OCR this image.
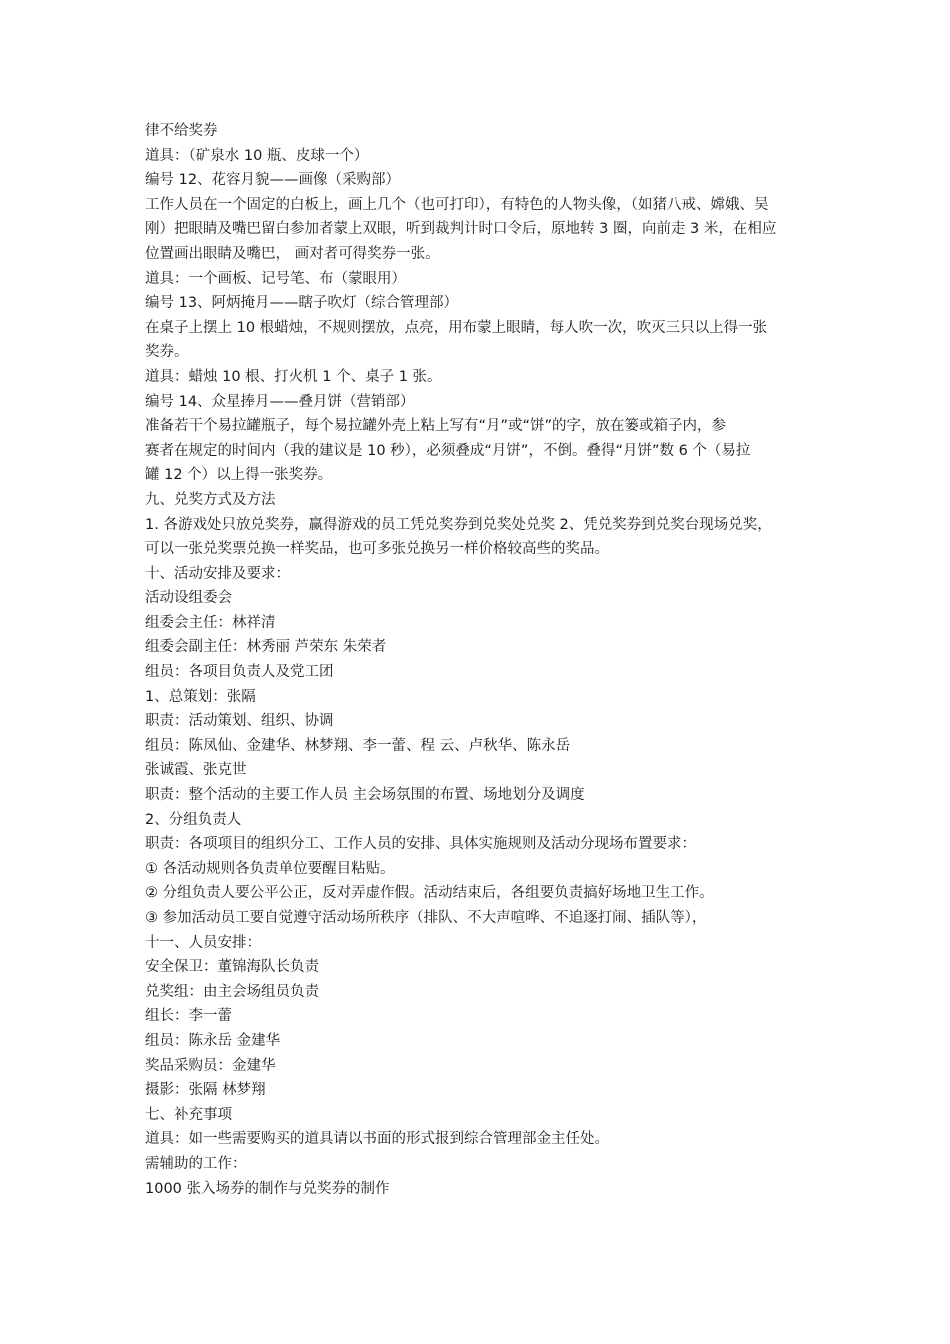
律不给奖券
道具：（矿泉水 10 瓶、皮球一个）
编号 12、花容月貌——画像（采购部）
工作人员在一个固定的白板上，画上几个（也可打印），有特色的人物头像，（如猪八戒、嫦娥、吴
刚）把眼睛及嘴巴留白参加者蒙上双眼，听到裁判计时口令后，原地转 3 圈，向前走 3 米，在相应
位置画出眼睛及嘴巴， 画对者可得奖券一张。
道具：一个画板、记号笔、布（蒙眼用）
编号 13、阿炳掩月——瞎子吹灯（综合管理部）
在桌子上摆上 10 根蜡烛，不规则摆放，点亮，用布蒙上眼睛，每人吹一次，吹灭三只以上得一张
奖券。
道具：蜡烛 10 根、打火机 1 个、桌子 1 张。
编号 14、众星捧月——叠月饼（营销部）
准备若干个易拉罐瓶子，每个易拉罐外壳上粘上写有“月”或“饼”的字，放在篓或箱子内，参
赛者在规定的时间内（我的建议是 10 秒），必须叠成“月饼”，不倒。叠得“月饼”数 6 个（易拉
罐 12 个）以上得一张奖券。
九、兑奖方式及方法
1. 各游戏处只放兑奖券，赢得游戏的员工凭兑奖券到兑奖处兑奖 2、凭兑奖券到兑奖台现场兑奖，
可以一张兑奖票兑换一样奖品，也可多张兑换另一样价格较高些的奖品。
十、活动安排及要求：
活动设组委会
组委会主任：林祥清
组委会副主任：林秀丽 芦荣东 朱荣者
组员：各项目负责人及党工团
1、总策划：张隔
职责：活动策划、组织、协调
组员：陈凤仙、金建华、林梦翔、李一蕾、程 云、卢秋华、陈永岳
张诚霞、张克世
职责：整个活动的主要工作人员 主会场氛围的布置、场地划分及调度
2、分组负责人
职责：各项项目的组织分工、工作人员的安排、具体实施规则及活动分现场布置要求：
① 各活动规则各负责单位要醒目粘贴。
② 分组负责人要公平公正，反对弄虚作假。活动结束后，各组要负责搞好场地卫生工作。
③ 参加活动员工要自觉遵守活动场所秩序（排队、不大声喧哗、不追逐打闹、插队等），
十一、人员安排：
安全保卫：董锦海队长负责
兑奖组：由主会场组员负责
组长：李一蕾
组员：陈永岳 金建华
奖品采购员：金建华
摄影：张隔 林梦翔
七、补充事项
道具：如一些需要购买的道具请以书面的形式报到综合管理部金主任处。
需辅助的工作：
1000 张入场券的制作与兑奖券的制作
